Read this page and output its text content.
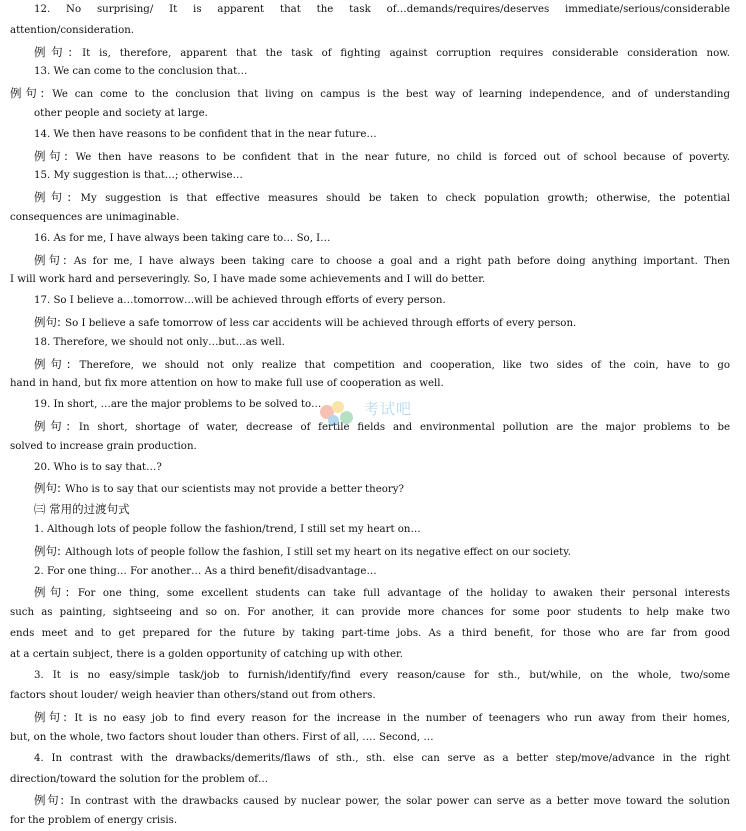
12. No surprising/ It is apparent that the task of…demands/requires/deserves immediate/serious/considerable
attention/consideration.
例句: It is, therefore, apparent that the task of fighting against corruption requires considerable consideration now.
13. We can come to the conclusion that…
例句: We can come to the conclusion that living on campus is the best way of learning independence, and of understanding
other people and society at large.
14. We then have reasons to be confident that in the near future…
例句: We then have reasons to be confident that in the near future, no child is forced out of school because of poverty.
15. My suggestion is that…; otherwise…
例句: My suggestion is that effective measures should be taken to check population growth; otherwise, the potential
consequences are unimaginable.
16. As for me, I have always been taking care to… So, I…
例句: As for me, I have always been taking care to choose a goal and a right path before doing anything important. Then
I will work hard and perseveringly. So, I have made some achievements and I will do better.
17. So I believe a…tomorrow…will be achieved through efforts of every person.
例句: So I believe a safe tomorrow of less car accidents will be achieved through efforts of every person.
18. Therefore, we should not only…but…as well.
例句: Therefore, we should not only realize that competition and cooperation, like two sides of the coin, have to go
hand in hand, but fix more attention on how to make full use of cooperation as well.
19. In short, …are the major problems to be solved to…
例句: In short, shortage of water, decrease of fertile fields and environmental pollution are the major problems to be
solved to increase grain production.
20. Who is to say that…?
例句: Who is to say that our scientists may not provide a better theory?
㈢ 常用的过渡句式
1. Although lots of people follow the fashion/trend, I still set my heart on…
例句: Although lots of people follow the fashion, I still set my heart on its negative effect on our society.
2. For one thing… For another… As a third benefit/disadvantage…
例句: For one thing, some excellent students can take full advantage of the holiday to awaken their personal interests
such as painting, sightseeing and so on. For another, it can provide more chances for some poor students to help make two
ends meet and to get prepared for the future by taking part-time jobs. As a third benefit, for those who are far from good
at a certain subject, there is a golden opportunity of catching up with other.
3. It is no easy/simple task/job to furnish/identify/find every reason/cause for sth., but/while, on the whole, two/some
factors shout louder/ weigh heavier than others/stand out from others.
例句: It is no easy job to find every reason for the increase in the number of teenagers who run away from their homes,
but, on the whole, two factors shout louder than others. First of all, …. Second, …
4. In contrast with the drawbacks/demerits/flaws of sth., sth. else can serve as a better step/move/advance in the right
direction/toward the solution for the problem of…
例句: In contrast with the drawbacks caused by nuclear power, the solar power can serve as a better move toward the solution
for the problem of energy crisis.
考试吧
